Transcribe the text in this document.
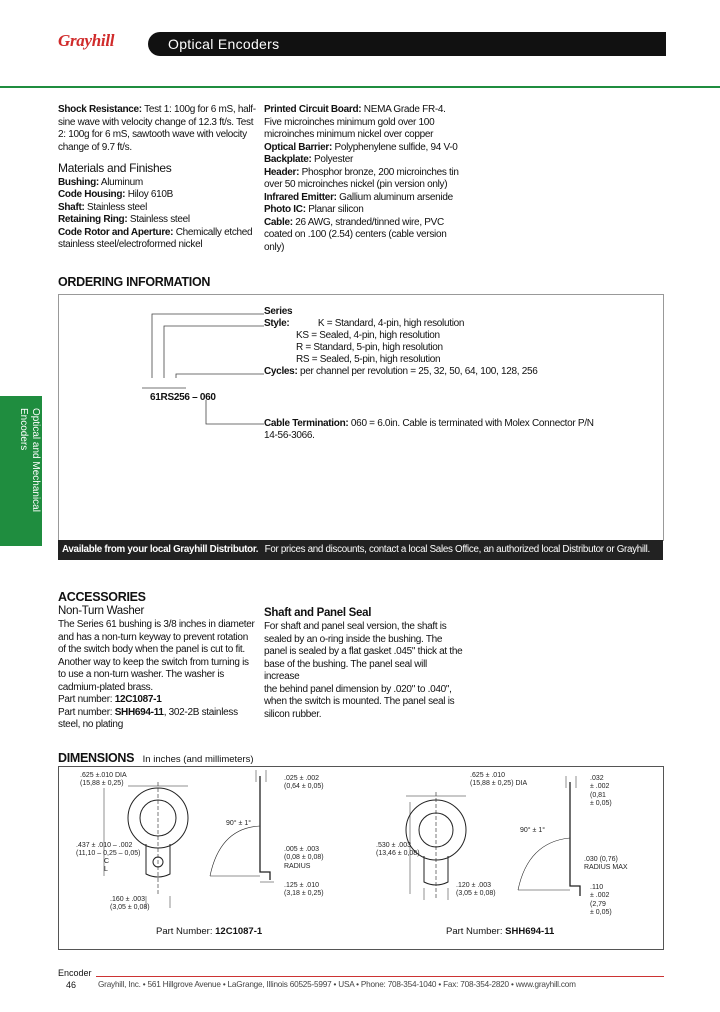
Grayhill	Optical Encoders
Optical and Mechanical
Encoders
Shock Resistance: Test 1: 100g for 6 mS, half-
sine wave with velocity change of 12.3 ft/s. Test
2: 100g for 6 mS, sawtooth wave with velocity
change of 9.7 ft/s.
Materials and Finishes
Bushing: Aluminum
Code Housing: Hiloy 610B
Shaft: Stainless steel
Retaining Ring: Stainless steel
Code Rotor and Aperture: Chemically etched
stainless steel/electroformed nickel
Printed Circuit Board: NEMA Grade FR-4.
Five microinches minimum gold over 100
microinches minimum nickel over copper
Optical Barrier: Polyphenylene sulfide, 94 V-0
Backplate: Polyester
Header: Phosphor bronze, 200 microinches tin
over 50 microinches nickel (pin version only)
Infrared Emitter: Gallium aluminum arsenide
Photo IC: Planar silicon
Cable: 26 AWG, stranded/tinned wire, PVC
coated on .100 (2.54) centers (cable version
only)
ORDERING INFORMATION
Series
Style:	K = Standard, 4-pin, high resolution
KS = Sealed, 4-pin, high resolution
R = Standard, 5-pin, high resolution
RS = Sealed, 5-pin, high resolution
Cycles: per channel per revolution = 25, 32, 50, 64, 100, 128, 256
61RS256 – 060
Cable Termination: 060 = 6.0in. Cable is terminated with Molex Connector P/N
14-56-3066.
Available from your local Grayhill Distributor. For prices and discounts, contact a local Sales Office, an authorized local Distributor or Grayhill.
ACCESSORIES
Non-Turn Washer
The Series 61 bushing is 3/8 inches in diameter
and has a non-turn keyway to prevent rotation
of the switch body when the panel is cut to fit.
Another way to keep the switch from turning is
to use a non-turn washer. The washer is
cadmium-plated brass.
Part number: 12C1087-1
Part number: SHH694-11, 302-2B stainless
steel, no plating
Shaft and Panel Seal
For shaft and panel seal version, the shaft is
sealed by an o-ring inside the bushing. The
panel is sealed by a flat gasket .045" thick at the
base of the bushing. The panel seal will increase
the behind panel dimension by .020" to .040",
when the switch is mounted. The panel seal is
silicon rubber.
DIMENSIONS In inches (and millimeters)
.625 ±.010 DIA
(15,88 ± 0,25)
.437 ± .010 – .002
(11,10 – 0,25 – 0,05)
C
L
.160 ± .003
(3,05 ± 0,08)
.025 ± .002
(0,64 ± 0,05)
90° ± 1°
.005 ± .003
(0,08 ± 0,08)
RADIUS
.125 ± .010
(3,18 ± 0,25)
Part Number: 12C1087-1
.625 ± .010
(15,88 ± 0,25) DIA
.530 ± .003
(13,46 ± 0,08)
.120 ± .003
(3,05 ± 0,08)
.032
± .002
(0,81
± 0,05)
90° ± 1°
.030 (0,76)
RADIUS MAX
.110
± .002
(2,79
± 0,05)
Part Number: SHH694-11
Encoder
46	Grayhill, Inc. • 561 Hillgrove Avenue • LaGrange, Illinois 60525-5997 • USA • Phone: 708-354-1040 • Fax: 708-354-2820 • www.grayhill.com
